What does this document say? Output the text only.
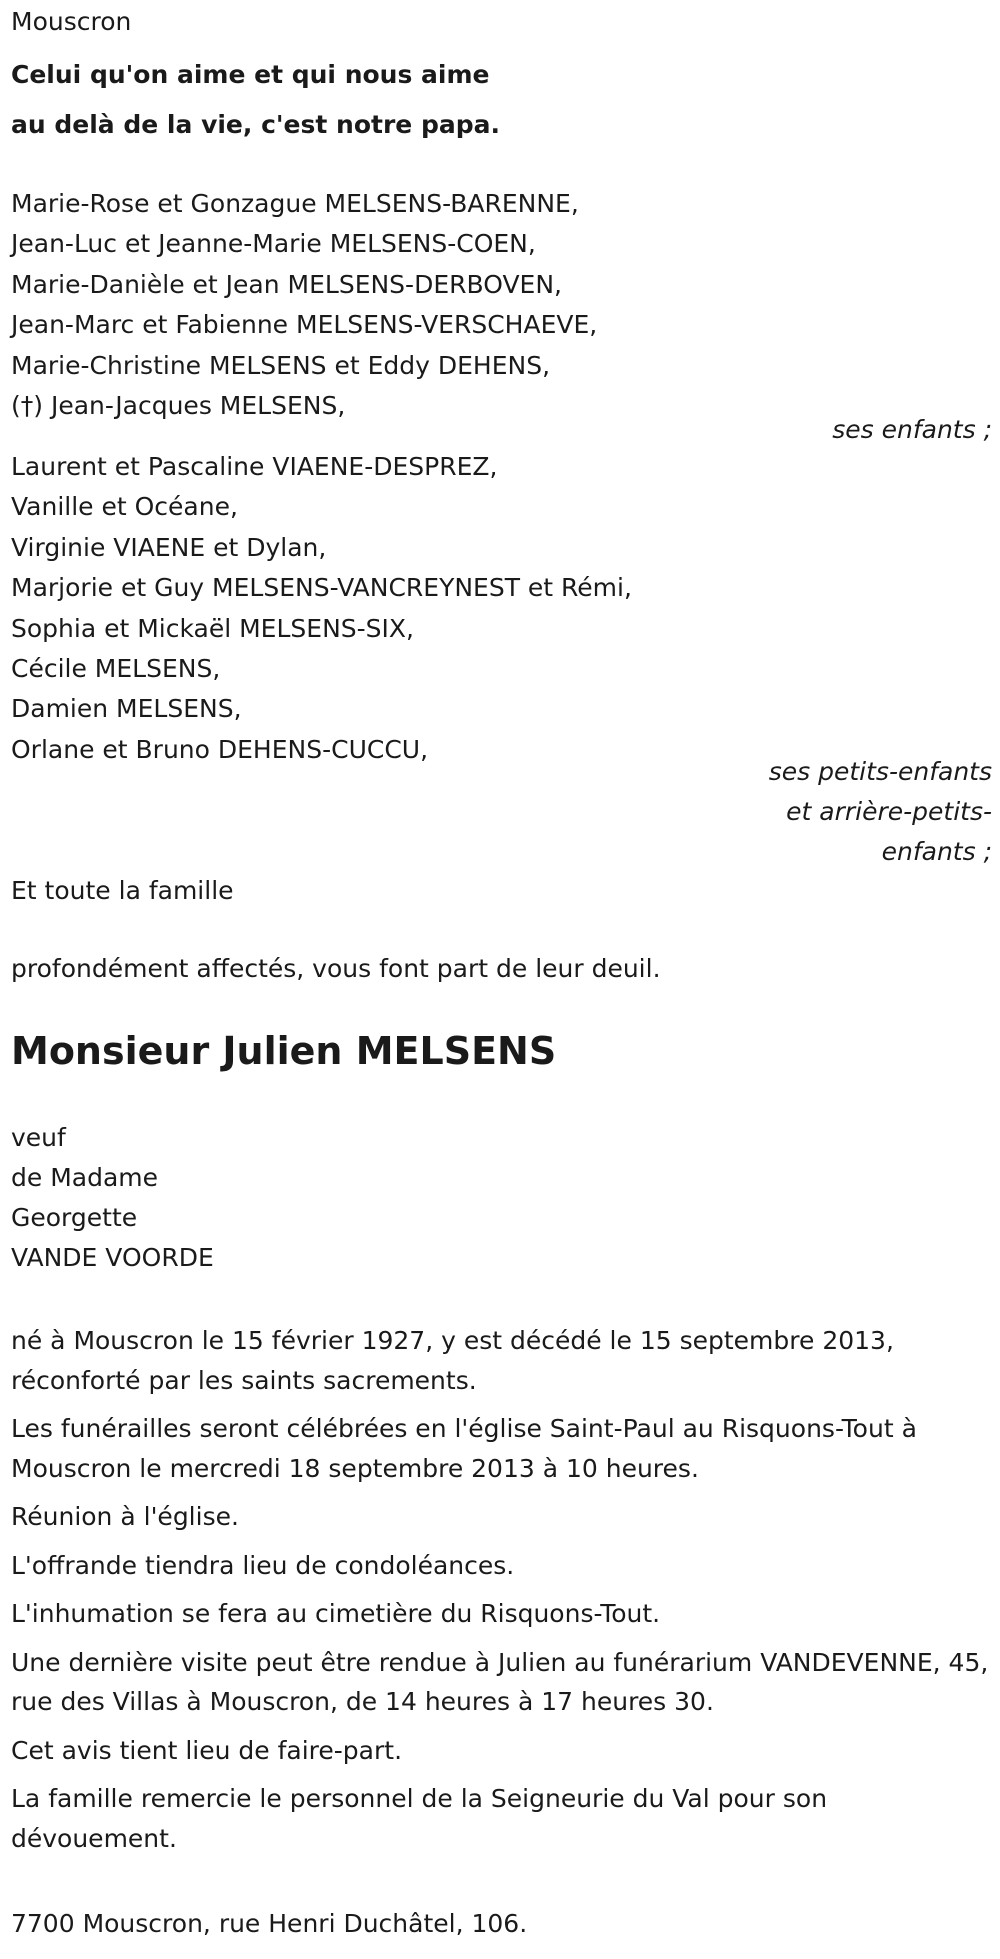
Mouscron
Celui qu'on aime et qui nous aime
au delà de la vie, c'est notre papa.
Marie-Rose et Gonzague MELSENS-BARENNE,
Jean-Luc et Jeanne-Marie MELSENS-COEN,
Marie-Danièle et Jean MELSENS-DERBOVEN,
Jean-Marc et Fabienne MELSENS-VERSCHAEVE,
Marie-Christine MELSENS et Eddy DEHENS,
(†) Jean-Jacques MELSENS,
ses enfants ;
Laurent et Pascaline VIAENE-DESPREZ,
Vanille et Océane,
Virginie VIAENE et Dylan,
Marjorie et Guy MELSENS-VANCREYNEST et Rémi,
Sophia et Mickaël MELSENS-SIX,
Cécile MELSENS,
Damien MELSENS,
Orlane et Bruno DEHENS-CUCCU,
ses petits-enfants
et arrière-petits-
enfants ;
Et toute la famille
profondément affectés, vous font part de leur deuil.
Monsieur Julien MELSENS
veuf
de Madame
Georgette
VANDE VOORDE
né à Mouscron le 15 février 1927, y est décédé le 15 septembre 2013, réconforté par les saints sacrements.
Les funérailles seront célébrées en l'église Saint-Paul au Risquons-Tout à Mouscron le mercredi 18 septembre 2013 à 10 heures.
Réunion à l'église.
L'offrande tiendra lieu de condoléances.
L'inhumation se fera au cimetière du Risquons-Tout.
Une dernière visite peut être rendue à Julien au funérarium VANDEVENNE, 45, rue des Villas à Mouscron, de 14 heures à 17 heures 30.
Cet avis tient lieu de faire-part.
La famille remercie le personnel de la Seigneurie du Val pour son dévouement.
7700 Mouscron, rue Henri Duchâtel, 106.
